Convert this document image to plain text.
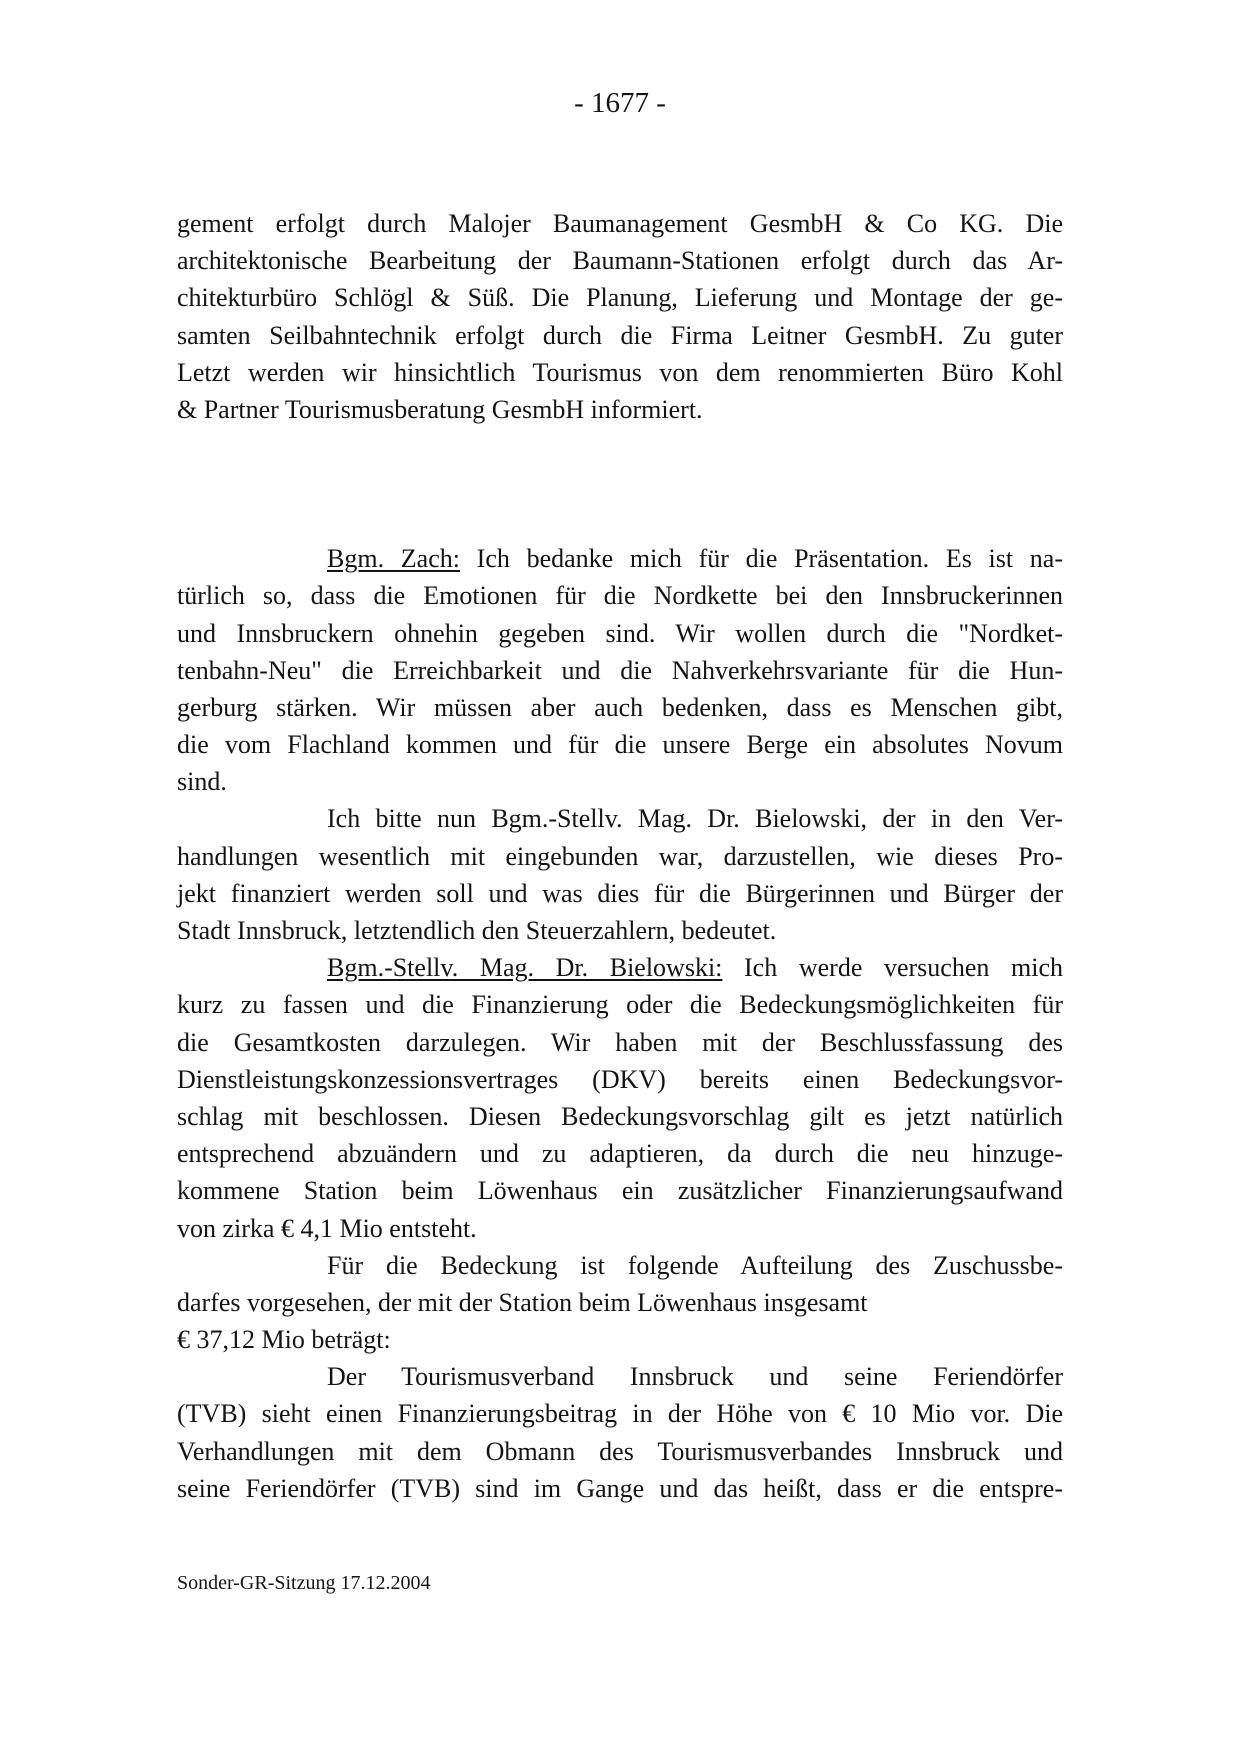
- 1677 -
gement erfolgt durch Malojer Baumanagement GesmbH & Co KG. Die
architektonische Bearbeitung der Baumann-Stationen erfolgt durch das Ar-
chitekturbüro Schlögl & Süß. Die Planung, Lieferung und Montage der ge-
samten Seilbahntechnik erfolgt durch die Firma Leitner GesmbH. Zu guter
Letzt werden wir hinsichtlich Tourismus von dem renommierten Büro Kohl
& Partner Tourismusberatung GesmbH informiert.
Bgm. Zach: Ich bedanke mich für die Präsentation. Es ist na-
türlich so, dass die Emotionen für die Nordkette bei den Innsbruckerinnen
und Innsbruckern ohnehin gegeben sind. Wir wollen durch die "Nordket-
tenbahn-Neu" die Erreichbarkeit und die Nahverkehrsvariante für die Hun-
gerburg stärken. Wir müssen aber auch bedenken, dass es Menschen gibt,
die vom Flachland kommen und für die unsere Berge ein absolutes Novum
sind.
Ich bitte nun Bgm.-Stellv. Mag. Dr. Bielowski, der in den Ver-
handlungen wesentlich mit eingebunden war, darzustellen, wie dieses Pro-
jekt finanziert werden soll und was dies für die Bürgerinnen und Bürger der
Stadt Innsbruck, letztendlich den Steuerzahlern, bedeutet.
Bgm.-Stellv. Mag. Dr. Bielowski: Ich werde versuchen mich
kurz zu fassen und die Finanzierung oder die Bedeckungsmöglichkeiten für
die Gesamtkosten darzulegen. Wir haben mit der Beschlussfassung des
Dienstleistungskonzessionsvertrages (DKV) bereits einen Bedeckungsvor-
schlag mit beschlossen. Diesen Bedeckungsvorschlag gilt es jetzt natürlich
entsprechend abzuändern und zu adaptieren, da durch die neu hinzuge-
kommene Station beim Löwenhaus ein zusätzlicher Finanzierungsaufwand
von zirka € 4,1 Mio entsteht.
Für die Bedeckung ist folgende Aufteilung des Zuschussbe-
darfes vorgesehen, der mit der Station beim Löwenhaus insgesamt
€ 37,12 Mio beträgt:
Der Tourismusverband Innsbruck und seine Feriendörfer
(TVB) sieht einen Finanzierungsbeitrag in der Höhe von € 10 Mio vor. Die
Verhandlungen mit dem Obmann des Tourismusverbandes Innsbruck und
seine Feriendörfer (TVB) sind im Gange und das heißt, dass er die entspre-
Sonder-GR-Sitzung 17.12.2004
